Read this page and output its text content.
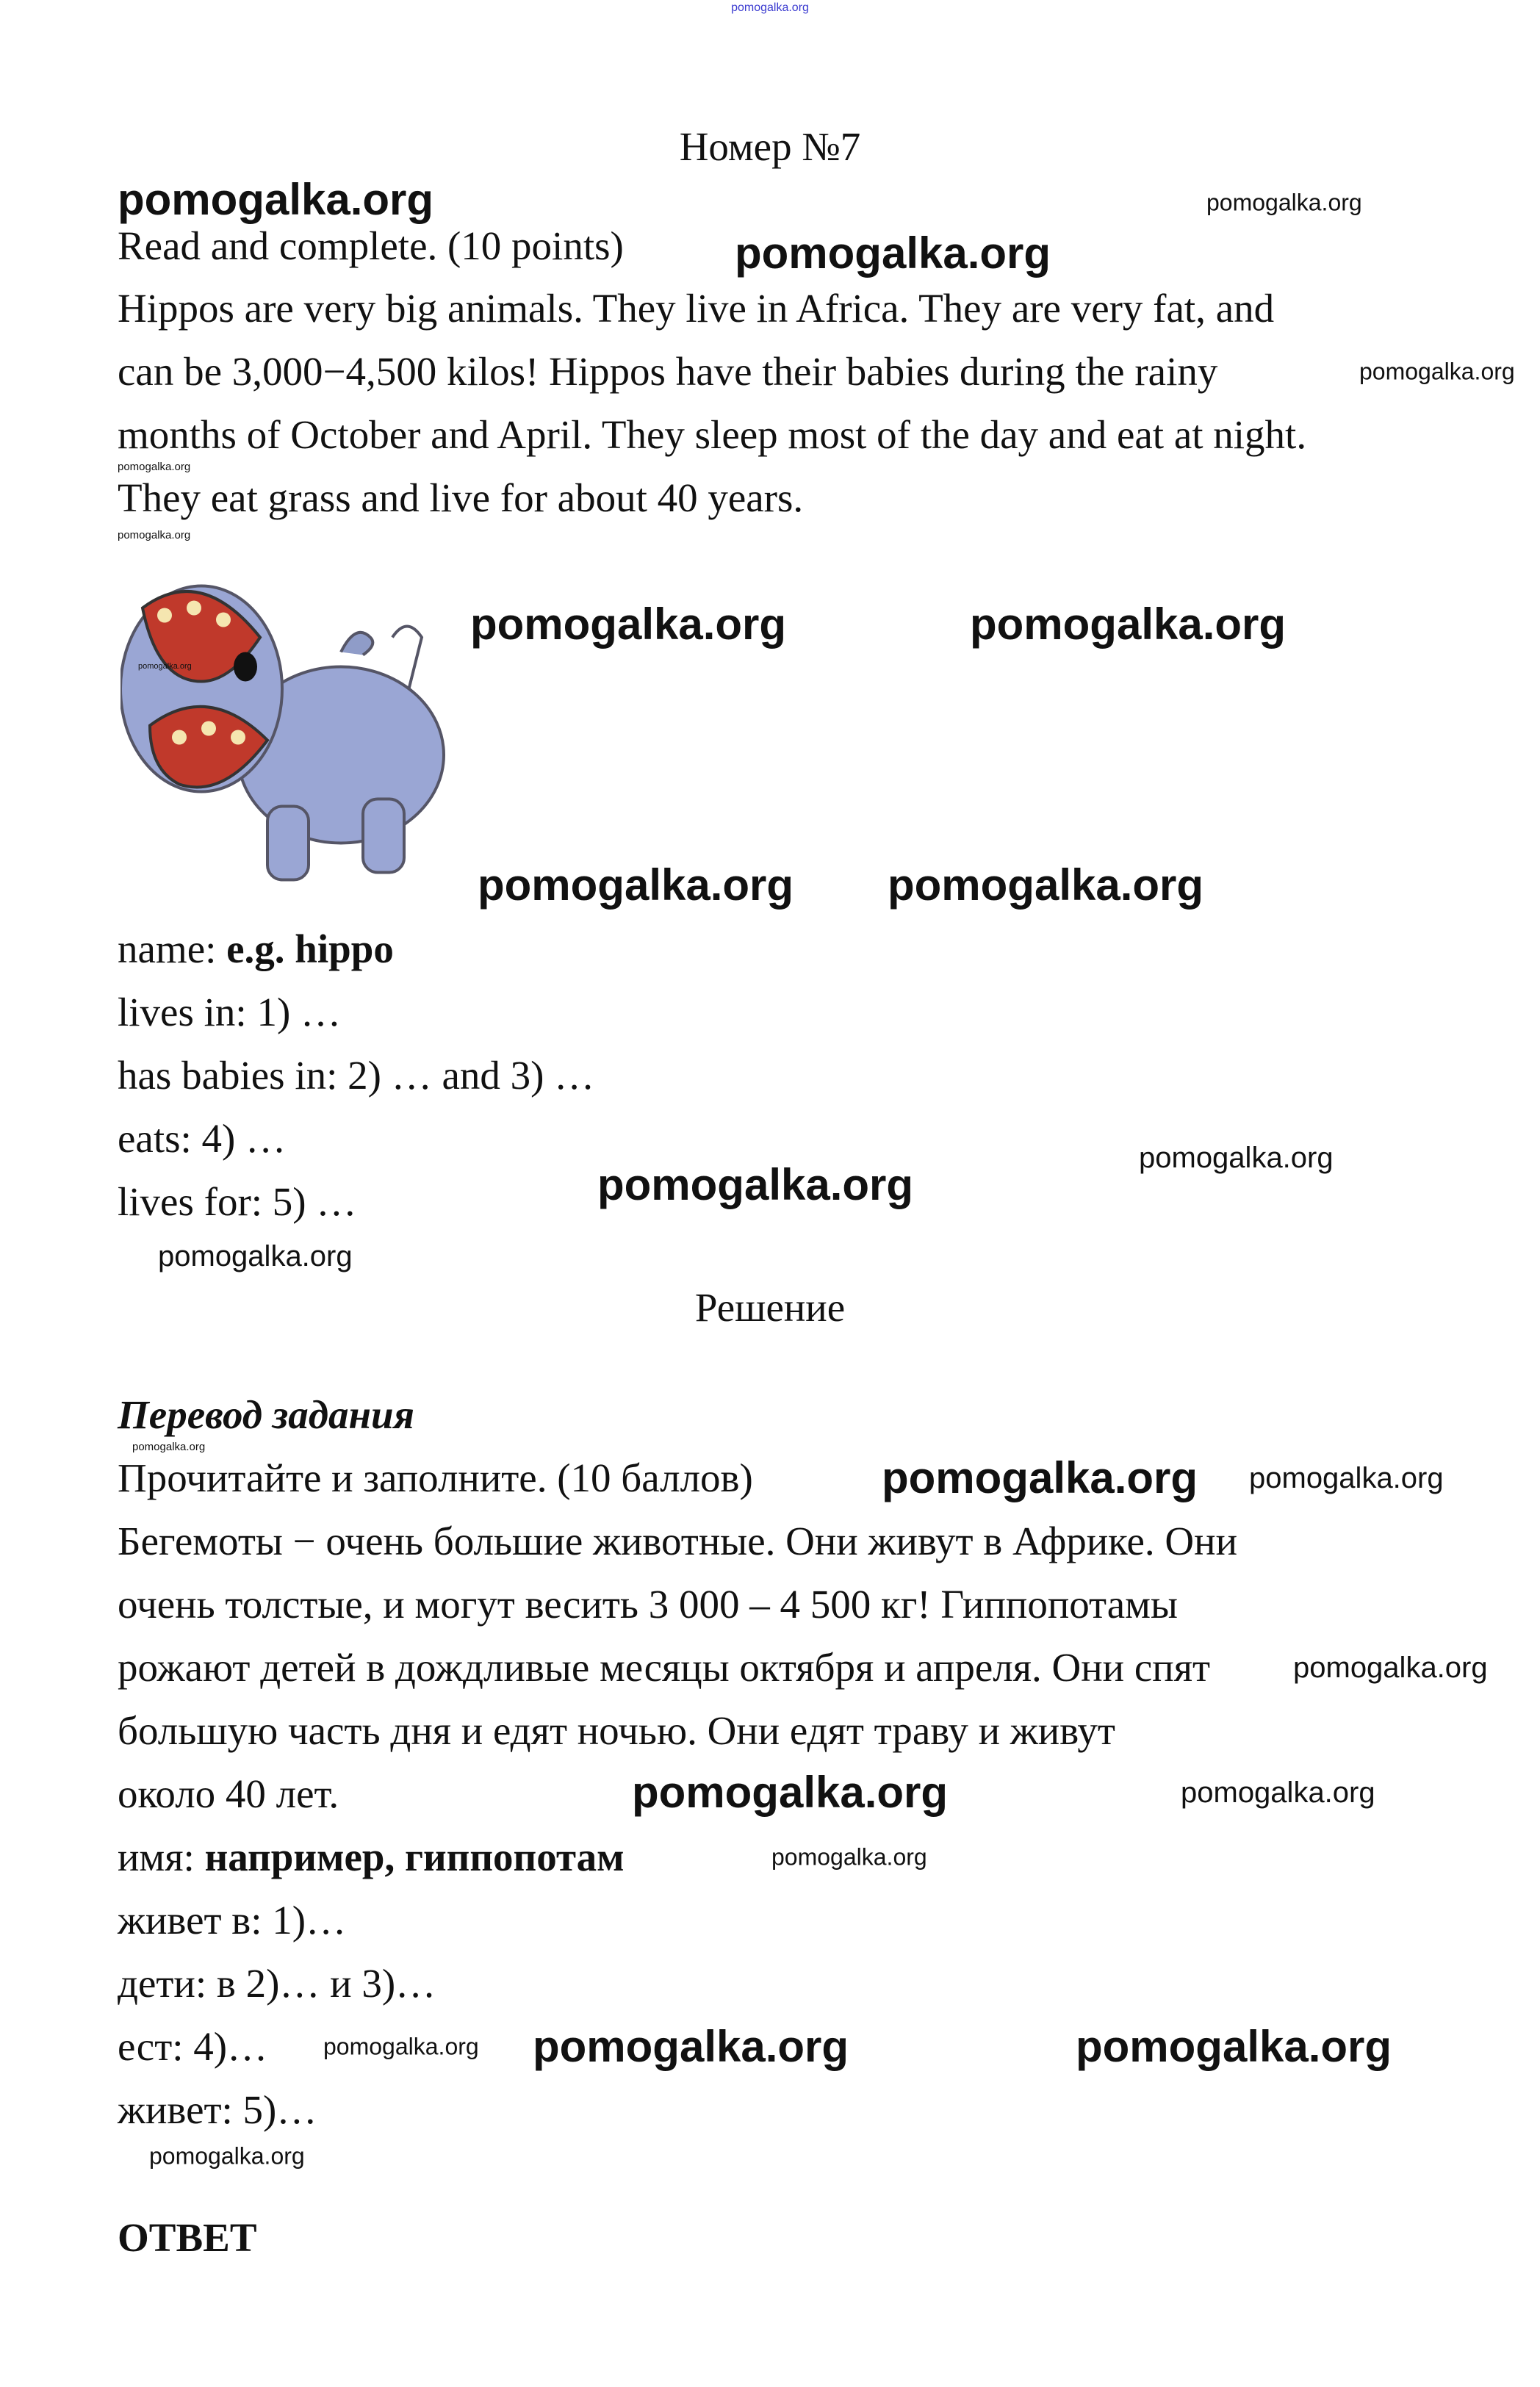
pomogalka.org
Номер №7
Read and complete. (10 points)
Hippos are very big animals. They live in Africa. They are very fat, and
can be 3,000−4,500 kilos! Hippos have their babies during the rainy
months of October and April. They sleep most of the day and eat at night.
They eat grass and live for about 40 years.
name: e.g. hippo
lives in: 1) …
has babies in: 2) … and 3) …
eats: 4) …
lives for: 5) …
Решение
Перевод задания
Прочитайте и заполните. (10 баллов)
Бегемоты − очень большие животные. Они живут в Африке. Они
очень толстые, и могут весить 3 000 – 4 500 кг! Гиппопотамы
рожают детей в дождливые месяцы октября и апреля. Они спят
большую часть дня и едят ночью. Они едят траву и живут
около 40 лет.
имя: например, гиппопотам
живет в: 1)…
дети: в 2)… и 3)…
ест: 4)…
живет: 5)…
ОТВЕТ
pomogalka.org	pomogalka.org
pomogalka.org
pomogalka.org
pomogalka.org
pomogalka.org
pomogalka.org
pomogalka.org	pomogalka.org
pomogalka.org pomogalka.org
pomogalka.org
pomogalka.org
pomogalka.org
pomogalka.org
pomogalka.org
pomogalka.org
pomogalka.org
pomogalka.org	pomogalka.org
pomogalka.org
pomogalka.org pomogalka.org	pomogalka.org
pomogalka.org
